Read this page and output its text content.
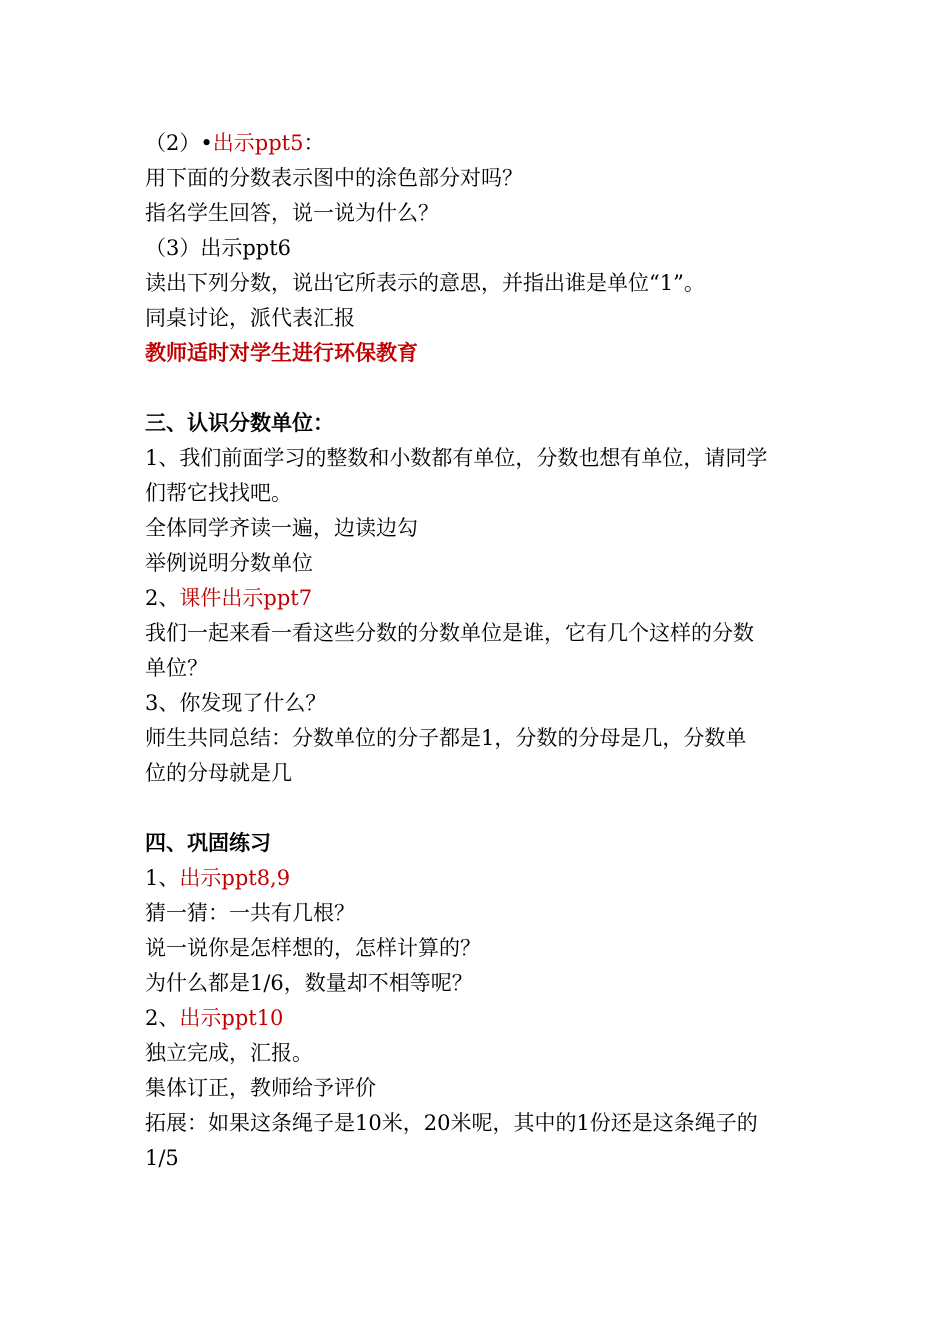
（2）•出示ppt5：
用下面的分数表示图中的涂色部分对吗？
指名学生回答，说一说为什么？
（3）出示ppt6
读出下列分数，说出它所表示的意思，并指出谁是单位“1”。
同桌讨论，派代表汇报
教师适时对学生进行环保教育
三、认识分数单位：
1、我们前面学习的整数和小数都有单位，分数也想有单位，请同学
们帮它找找吧。
全体同学齐读一遍，边读边勾
举例说明分数单位
2、课件出示ppt7
我们一起来看一看这些分数的分数单位是谁，它有几个这样的分数
单位？
3、你发现了什么？
师生共同总结：分数单位的分子都是1，分数的分母是几，分数单
位的分母就是几
四、巩固练习
1、出示ppt8,9
猜一猜：一共有几根？
说一说你是怎样想的，怎样计算的？
为什么都是1/6，数量却不相等呢？
2、出示ppt10
独立完成，汇报。
集体订正，教师给予评价
拓展：如果这条绳子是10米，20米呢，其中的1份还是这条绳子的
1/5
